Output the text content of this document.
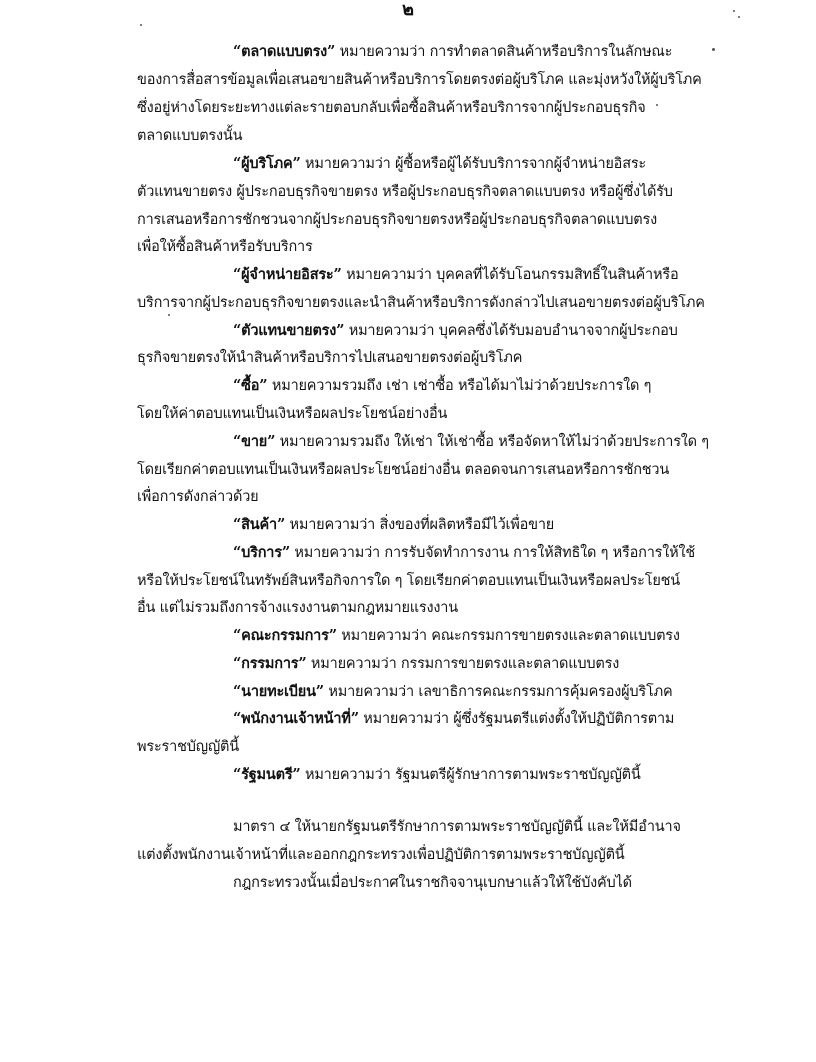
๒
“ตลาดแบบตรง” หมายความว่า การทำตลาดสินค้าหรือบริการในลักษณะ
ของการสื่อสารข้อมูลเพื่อเสนอขายสินค้าหรือบริการโดยตรงต่อผู้บริโภค และมุ่งหวังให้ผู้บริโภค
ซึ่งอยู่ห่างโดยระยะทางแต่ละรายตอบกลับเพื่อซื้อสินค้าหรือบริการจากผู้ประกอบธุรกิจ
ตลาดแบบตรงนั้น
“ผู้บริโภค” หมายความว่า ผู้ซื้อหรือผู้ได้รับบริการจากผู้จำหน่ายอิสระ
ตัวแทนขายตรง ผู้ประกอบธุรกิจขายตรง หรือผู้ประกอบธุรกิจตลาดแบบตรง หรือผู้ซึ่งได้รับ
การเสนอหรือการชักชวนจากผู้ประกอบธุรกิจขายตรงหรือผู้ประกอบธุรกิจตลาดแบบตรง
เพื่อให้ซื้อสินค้าหรือรับบริการ
“ผู้จำหน่ายอิสระ” หมายความว่า บุคคลที่ได้รับโอนกรรมสิทธิ์ในสินค้าหรือ
บริการจากผู้ประกอบธุรกิจขายตรงและนำสินค้าหรือบริการดังกล่าวไปเสนอขายตรงต่อผู้บริโภค
“ตัวแทนขายตรง” หมายความว่า บุคคลซึ่งได้รับมอบอำนาจจากผู้ประกอบ
ธุรกิจขายตรงให้นำสินค้าหรือบริการไปเสนอขายตรงต่อผู้บริโภค
“ซื้อ” หมายความรวมถึง เช่า เช่าซื้อ หรือได้มาไม่ว่าด้วยประการใด ๆ
โดยให้ค่าตอบแทนเป็นเงินหรือผลประโยชน์อย่างอื่น
“ขาย” หมายความรวมถึง ให้เช่า ให้เช่าซื้อ หรือจัดหาให้ไม่ว่าด้วยประการใด ๆ
โดยเรียกค่าตอบแทนเป็นเงินหรือผลประโยชน์อย่างอื่น ตลอดจนการเสนอหรือการชักชวน
เพื่อการดังกล่าวด้วย
“สินค้า” หมายความว่า สิ่งของที่ผลิตหรือมีไว้เพื่อขาย
“บริการ” หมายความว่า การรับจัดทำการงาน การให้สิทธิใด ๆ หรือการให้ใช้
หรือให้ประโยชน์ในทรัพย์สินหรือกิจการใด ๆ โดยเรียกค่าตอบแทนเป็นเงินหรือผลประโยชน์
อื่น แต่ไม่รวมถึงการจ้างแรงงานตามกฎหมายแรงงาน
“คณะกรรมการ” หมายความว่า คณะกรรมการขายตรงและตลาดแบบตรง
“กรรมการ” หมายความว่า กรรมการขายตรงและตลาดแบบตรง
“นายทะเบียน” หมายความว่า เลขาธิการคณะกรรมการคุ้มครองผู้บริโภค
“พนักงานเจ้าหน้าที่” หมายความว่า ผู้ซึ่งรัฐมนตรีแต่งตั้งให้ปฏิบัติการตาม
พระราชบัญญัตินี้
“รัฐมนตรี” หมายความว่า รัฐมนตรีผู้รักษาการตามพระราชบัญญัตินี้
มาตรา ๔ ให้นายกรัฐมนตรีรักษาการตามพระราชบัญญัตินี้ และให้มีอำนาจ
แต่งตั้งพนักงานเจ้าหน้าที่และออกกฎกระทรวงเพื่อปฏิบัติการตามพระราชบัญญัตินี้
กฎกระทรวงนั้นเมื่อประกาศในราชกิจจานุเบกษาแล้วให้ใช้บังคับได้
